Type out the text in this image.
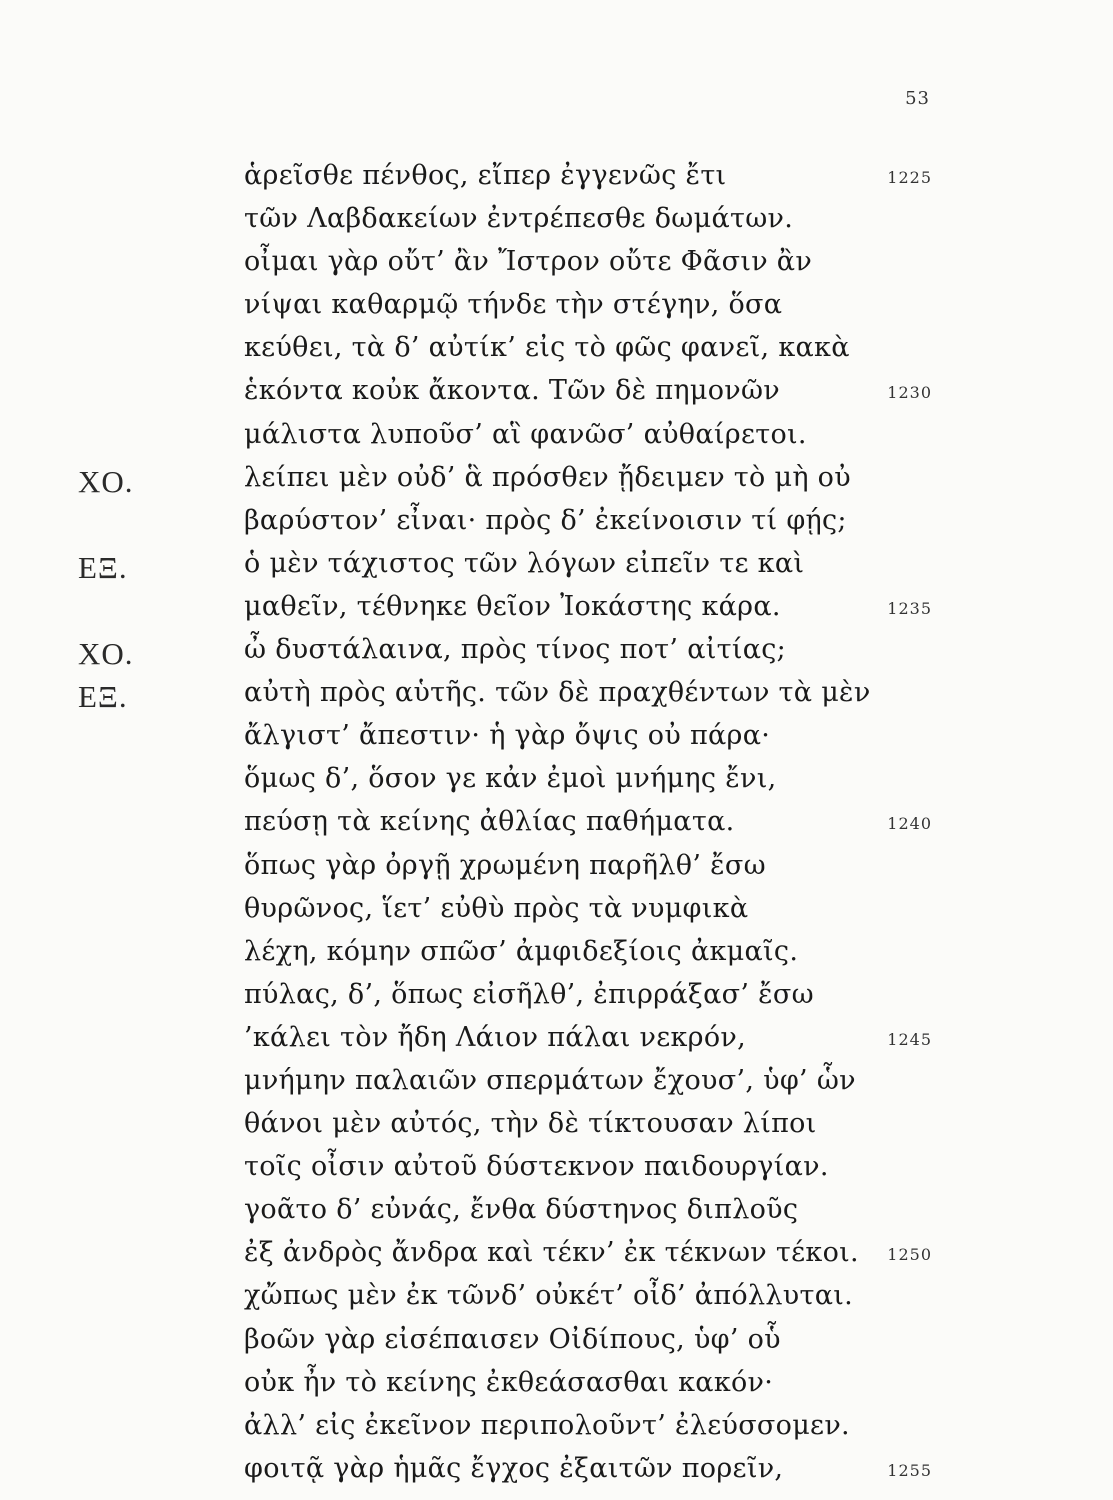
53
ἁρεῖσθε πένθος, εἴπερ ἐγγενῶς ἔτι	1225
τῶν Λαβδακείων ἐντρέπεσθε δωμάτων.
οἶμαι γὰρ οὔτ’ ἂν Ἴστρον οὔτε Φᾶσιν ἂν
νίψαι καθαρμῷ τήνδε τὴν στέγην, ὅσα
κεύθει, τὰ δ’ αὐτίκ’ εἰς τὸ φῶς φανεῖ, κακὰ
ἑκόντα κοὐκ ἄκοντα. Τῶν δὲ πημονῶν	1230
μάλιστα λυποῦσ’ αἳ φανῶσ’ αὐθαίρετοι.
ΧΟ.	λείπει μὲν οὐδ’ ἃ πρόσθεν ᾔδειμεν τὸ μὴ οὐ
βαρύστον’ εἶναι· πρὸς δ’ ἐκείνοισιν τί φῄς;
ΕΞ.	ὁ μὲν τάχιστος τῶν λόγων εἰπεῖν τε καὶ
μαθεῖν, τέθνηκε θεῖον Ἰοκάστης κάρα.	1235
ΧΟ.	ὦ δυστάλαινα, πρὸς τίνος ποτ’ αἰτίας;
ΕΞ.	αὐτὴ πρὸς αὑτῆς. τῶν δὲ πραχθέντων τὰ μὲν
ἄλγιστ’ ἄπεστιν· ἡ γὰρ ὄψις οὐ πάρα·
ὅμως δ’, ὅσον γε κἀν ἐμοὶ μνήμης ἔνι,
πεύσῃ τὰ κείνης ἀθλίας παθήματα.	1240
ὅπως γὰρ ὀργῇ χρωμένη παρῆλθ’ ἔσω
θυρῶνος, ἵετ’ εὐθὺ πρὸς τὰ νυμφικὰ
λέχη, κόμην σπῶσ’ ἀμφιδεξίοις ἀκμαῖς.
πύλας, δ’, ὅπως εἰσῆλθ’, ἐπιρράξασ’ ἔσω
’κάλει τὸν ἤδη Λάιον πάλαι νεκρόν,	1245
μνήμην παλαιῶν σπερμάτων ἔχουσ’, ὑφ’ ὧν
θάνοι μὲν αὐτός, τὴν δὲ τίκτουσαν λίποι
τοῖς οἶσιν αὐτοῦ δύστεκνον παιδουργίαν.
γοᾶτο δ’ εὐνάς, ἔνθα δύστηνος διπλοῦς
ἐξ ἀνδρὸς ἄνδρα καὶ τέκν’ ἐκ τέκνων τέκοι.	1250
χὤπως μὲν ἐκ τῶνδ’ οὐκέτ’ οἶδ’ ἀπόλλυται.
βοῶν γὰρ εἰσέπαισεν Οἰδίπους, ὑφ’ οὗ
οὐκ ἦν τὸ κείνης ἐκθεάσασθαι κακόν·
ἀλλ’ εἰς ἐκεῖνον περιπολοῦντ’ ἐλεύσσομεν.
φοιτᾷ γὰρ ἡμᾶς ἔγχος ἐξαιτῶν πορεῖν,	1255
